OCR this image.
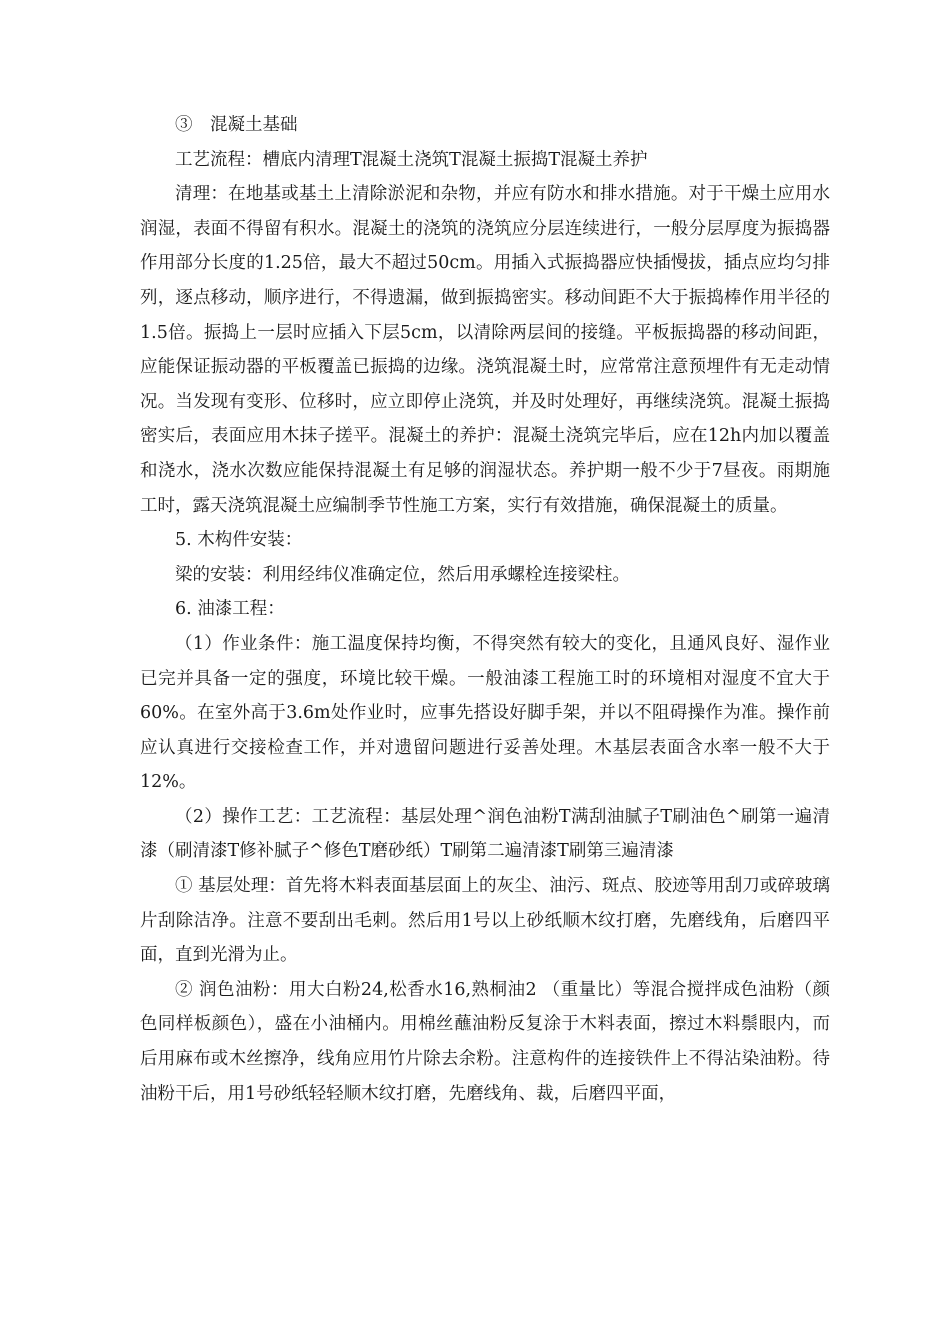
③　混凝土基础

工艺流程：槽底内清理T混凝土浇筑T混凝土振捣T混凝土养护

清理：在地基或基土上清除淤泥和杂物，并应有防水和排水措施。对于干燥土应用水润湿，表面不得留有积水。混凝土的浇筑的浇筑应分层连续进行，一般分层厚度为振捣器作用部分长度的1.25倍，最大不超过50cm。用插入式振捣器应快插慢拔，插点应均匀排列，逐点移动，顺序进行，不得遗漏，做到振捣密实。移动间距不大于振捣棒作用半径的1.5倍。振捣上一层时应插入下层5cm，以清除两层间的接缝。平板振捣器的移动间距，应能保证振动器的平板覆盖已振捣的边缘。浇筑混凝土时，应常常注意预埋件有无走动情况。当发现有变形、位移时，应立即停止浇筑，并及时处理好，再继续浇筑。混凝土振捣密实后，表面应用木抹子搓平。混凝土的养护：混凝土浇筑完毕后，应在12h内加以覆盖和浇水，浇水次数应能保持混凝土有足够的润湿状态。养护期一般不少于7昼夜。雨期施工时，露天浇筑混凝土应编制季节性施工方案，实行有效措施，确保混凝土的质量。

5. 木构件安装：

梁的安装：利用经纬仪准确定位，然后用承螺栓连接梁柱。

6. 油漆工程：

（1）作业条件：施工温度保持均衡，不得突然有较大的变化，且通风良好、湿作业已完并具备一定的强度，环境比较干燥。一般油漆工程施工时的环境相对湿度不宜大于60%。在室外高于3.6m处作业时，应事先搭设好脚手架，并以不阻碍操作为准。操作前应认真进行交接检查工作，并对遗留问题进行妥善处理。木基层表面含水率一般不大于12%。

（2）操作工艺：工艺流程：基层处理^润色油粉T满刮油腻子T刷油色^刷第一遍清漆（刷清漆T修补腻子^修色T磨砂纸）T刷第二遍清漆T刷第三遍清漆

① 基层处理：首先将木料表面基层面上的灰尘、油污、斑点、胶迹等用刮刀或碎玻璃片刮除洁净。注意不要刮出毛刺。然后用1号以上砂纸顺木纹打磨，先磨线角，后磨四平面，直到光滑为止。

② 润色油粉：用大白粉24,松香水16,熟桐油2 （重量比）等混合搅拌成色油粉（颜色同样板颜色），盛在小油桶内。用棉丝蘸油粉反复涂于木料表面，擦过木料鬃眼内，而后用麻布或木丝擦净，线角应用竹片除去余粉。注意构件的连接铁件上不得沾染油粉。待油粉干后，用1号砂纸轻轻顺木纹打磨，先磨线角、裁，后磨四平面，
